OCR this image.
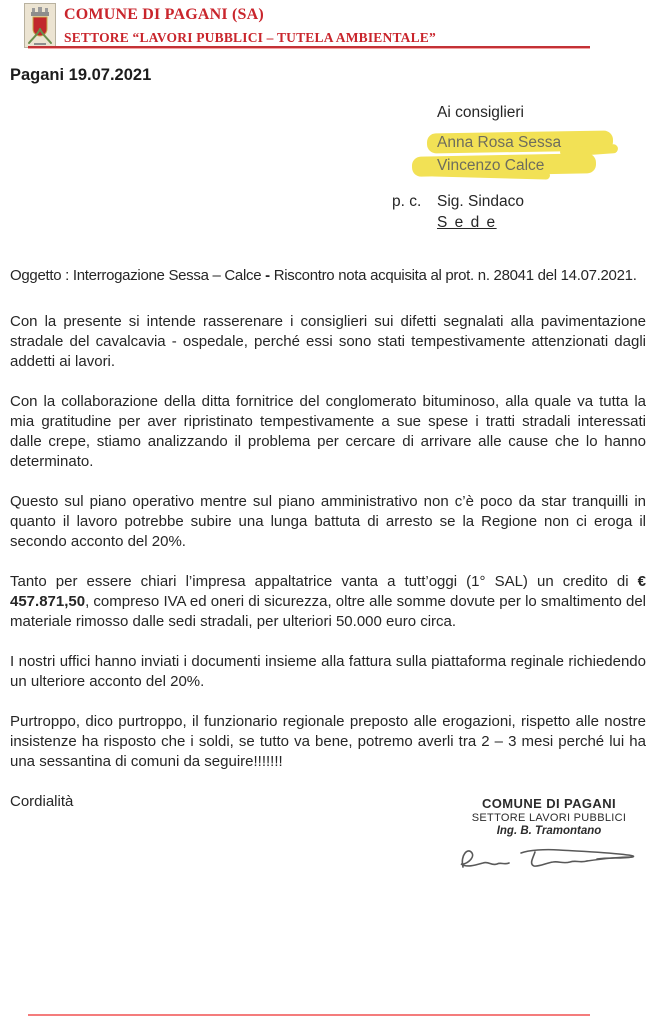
COMUNE DI PAGANI (SA)
SETTORE “LAVORI PUBBLICI – TUTELA AMBIENTALE”
Pagani 19.07.2021
Ai consiglieri
Anna Rosa Sessa
Vincenzo Calce
p. c. Sig. Sindaco
S e d e

Oggetto : Interrogazione Sessa – Calce - Riscontro nota acquisita al prot. n. 28041 del 14.07.2021.

Con la presente si intende rasserenare i consiglieri sui difetti segnalati alla pavimentazione stradale del cavalcavia - ospedale, perché essi sono stati tempestivamente attenzionati dagli addetti ai lavori.

Con la collaborazione della ditta fornitrice del conglomerato bituminoso, alla quale va tutta la mia gratitudine per aver ripristinato tempestivamente a sue spese i tratti stradali interessati dalle crepe, stiamo analizzando il problema per cercare di arrivare alle cause che lo hanno determinato.

Questo sul piano operativo mentre sul piano amministrativo non c’è poco da star tranquilli in quanto il lavoro potrebbe subire una lunga battuta di arresto se la Regione non ci eroga il secondo acconto del 20%.

Tanto per essere chiari l’impresa appaltatrice vanta a tutt’oggi (1° SAL) un credito di € 457.871,50, compreso IVA ed oneri di sicurezza, oltre alle somme dovute per lo smaltimento del materiale rimosso dalle sedi stradali, per ulteriori 50.000 euro circa.

I nostri uffici hanno inviati i documenti insieme alla fattura sulla piattaforma reginale richiedendo un ulteriore acconto del 20%.

Purtroppo, dico purtroppo, il funzionario regionale preposto alle erogazioni, rispetto alle nostre insistenze ha risposto che i soldi, se tutto va bene, potremo averli tra 2 – 3 mesi perché lui ha una sessantina di comuni da seguire!!!!!!!

Cordialità	COMUNE DI PAGANI
SETTORE LAVORI PUBBLICI
Ing. B. Tramontano
